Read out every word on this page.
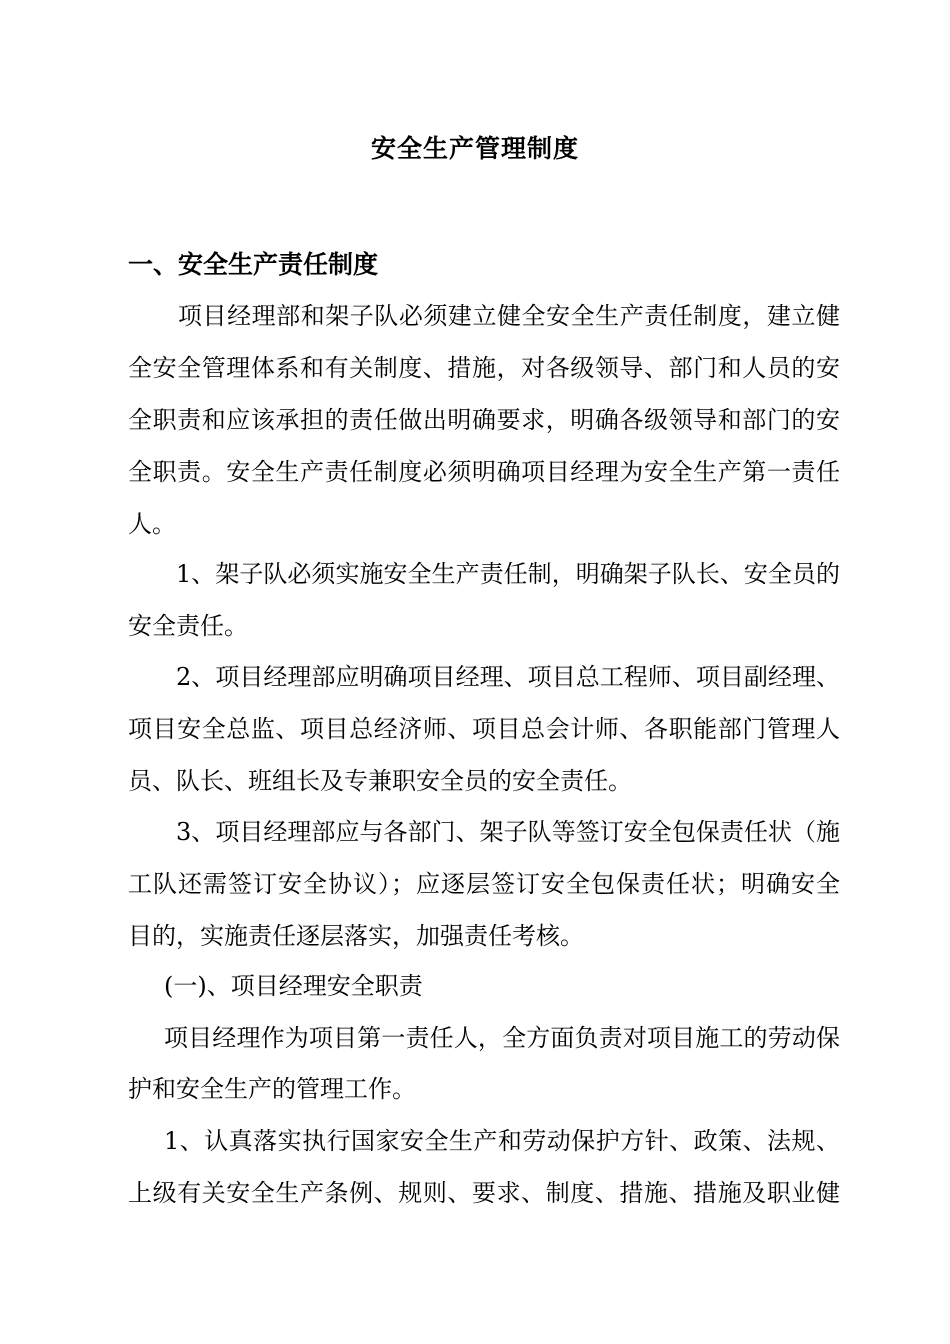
安全生产管理制度
一、安全生产责任制度

项目经理部和架子队必须建立健全安全生产责任制度，建立健

全安全管理体系和有关制度、措施，对各级领导、部门和人员的安

全职责和应该承担的责任做出明确要求，明确各级领导和部门的安

全职责。安全生产责任制度必须明确项目经理为安全生产第一责任

人。

1、架子队必须实施安全生产责任制，明确架子队长、安全员的

安全责任。

2、项目经理部应明确项目经理、项目总工程师、项目副经理、

项目安全总监、项目总经济师、项目总会计师、各职能部门管理人

员、队长、班组长及专兼职安全员的安全责任。

3、项目经理部应与各部门、架子队等签订安全包保责任状（施

工队还需签订安全协议）；应逐层签订安全包保责任状；明确安全

目的，实施责任逐层落实，加强责任考核。

(一)、项目经理安全职责

项目经理作为项目第一责任人，全方面负责对项目施工的劳动保

护和安全生产的管理工作。

1、认真落实执行国家安全生产和劳动保护方针、政策、法规、

上级有关安全生产条例、规则、要求、制度、措施、措施及职业健
